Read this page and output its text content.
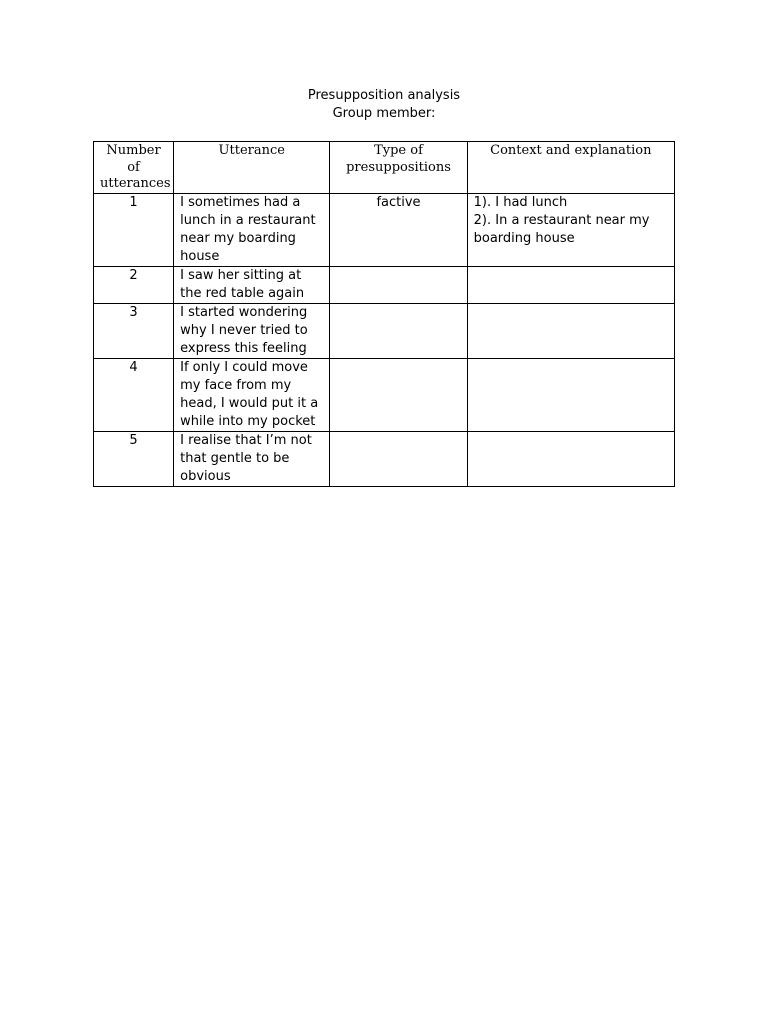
Presupposition analysis
Group member:
Number of utterances	Utterance	Type of presuppositions	Context and explanation
1	I sometimes had a lunch in a restaurant near my boarding house	factive	1). I had lunch
2). In a restaurant near my boarding house

2	I saw her sitting at the red table again		
3	I started wondering why I never tried to express this feeling		
4	If only I could move my face from my head, I would put it a while into my pocket		
5	I realise that I’m not that gentle to be obvious		
